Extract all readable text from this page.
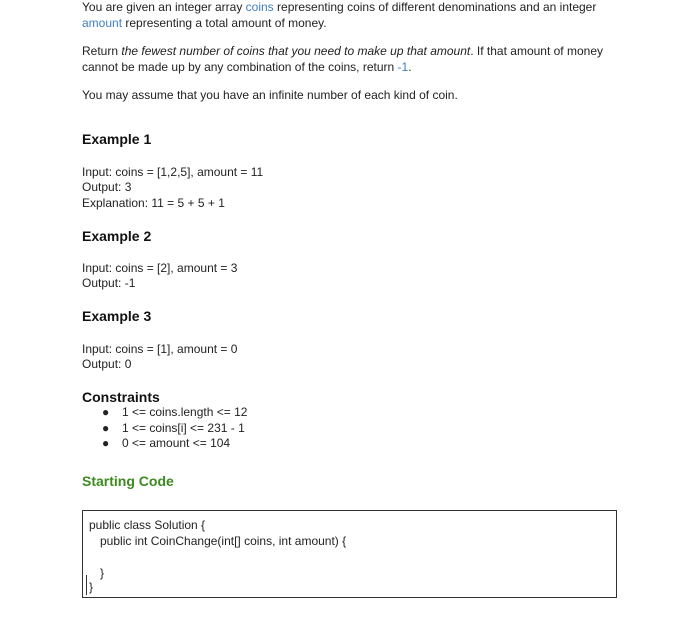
You are given an integer array coins representing coins of different denominations and an integer amount representing a total amount of money.

Return the fewest number of coins that you need to make up that amount. If that amount of money cannot be made up by any combination of the coins, return -1.

You may assume that you have an infinite number of each kind of coin.

Example 1
Input: coins = [1,2,5], amount = 11
Output: 3
Explanation: 11 = 5 + 5 + 1
Example 2
Input: coins = [2], amount = 3
Output: -1
Example 3
Input: coins = [1], amount = 0
Output: 0
Constraints
● 1 <= coins.length <= 12
● 1 <= coins[i] <= 231 - 1
● 0 <= amount <= 104
Starting Code
public class Solution {
public int CoinChange(int[] coins, int amount) {
}
}
